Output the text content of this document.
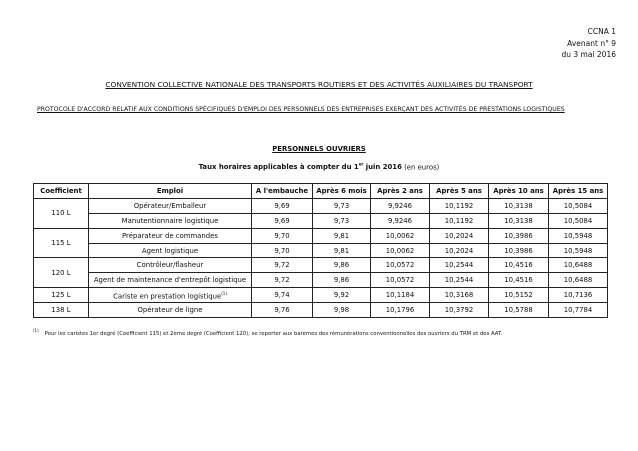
CCNA 1
Avenant n° 9
du 3 mai 2016
CONVENTION COLLECTIVE NATIONALE DES TRANSPORTS ROUTIERS ET DES ACTIVITÉS AUXILIAIRES DU TRANSPORT
PROTOCOLE D'ACCORD RELATIF AUX CONDITIONS SPÉCIFIQUES D'EMPLOI DES PERSONNELS DES ENTREPRISES EXERÇANT DES ACTIVITÉS DE PRESTATIONS LOGISTIQUES
PERSONNELS OUVRIERS
Taux horaires applicables à compter du 1er juin 2016 (en euros)
Coefficient	Emploi	A l'embauche	Après 6 mois	Après 2 ans	Après 5 ans	Après 10 ans	Après 15 ans
110 L	Opérateur/Emballeur	9,69	9,73	9,9246	10,1192	10,3138	10,5084
	Manutentionnaire logistique	9,69	9,73	9,9246	10,1192	10,3138	10,5084
115 L	Préparateur de commandes	9,70	9,81	10,0062	10,2024	10,3986	10,5948
	Agent logistique	9,70	9,81	10,0062	10,2024	10,3986	10,5948
120 L	Contrôleur/flasheur	9,72	9,86	10,0572	10,2544	10,4516	10,6488
	Agent de maintenance d'entrepôt logistique	9,72	9,86	10,0572	10,2544	10,4516	10,6488
125 L	Cariste en prestation logistique$^{(1)}$	9,74	9,92	10,1184	10,3168	10,5152	10,7136
138 L	Opérateur de ligne	9,76	9,98	10,1796	10,3792	10,5788	10,7784
$^{(1)}$Pour les caristes 1er degré (Coefficient 115) et 2ème degré (Coefficient 120), se reporter aux barèmes des rémunérations conventionnelles des ouvriers du TRM et des AAT.
